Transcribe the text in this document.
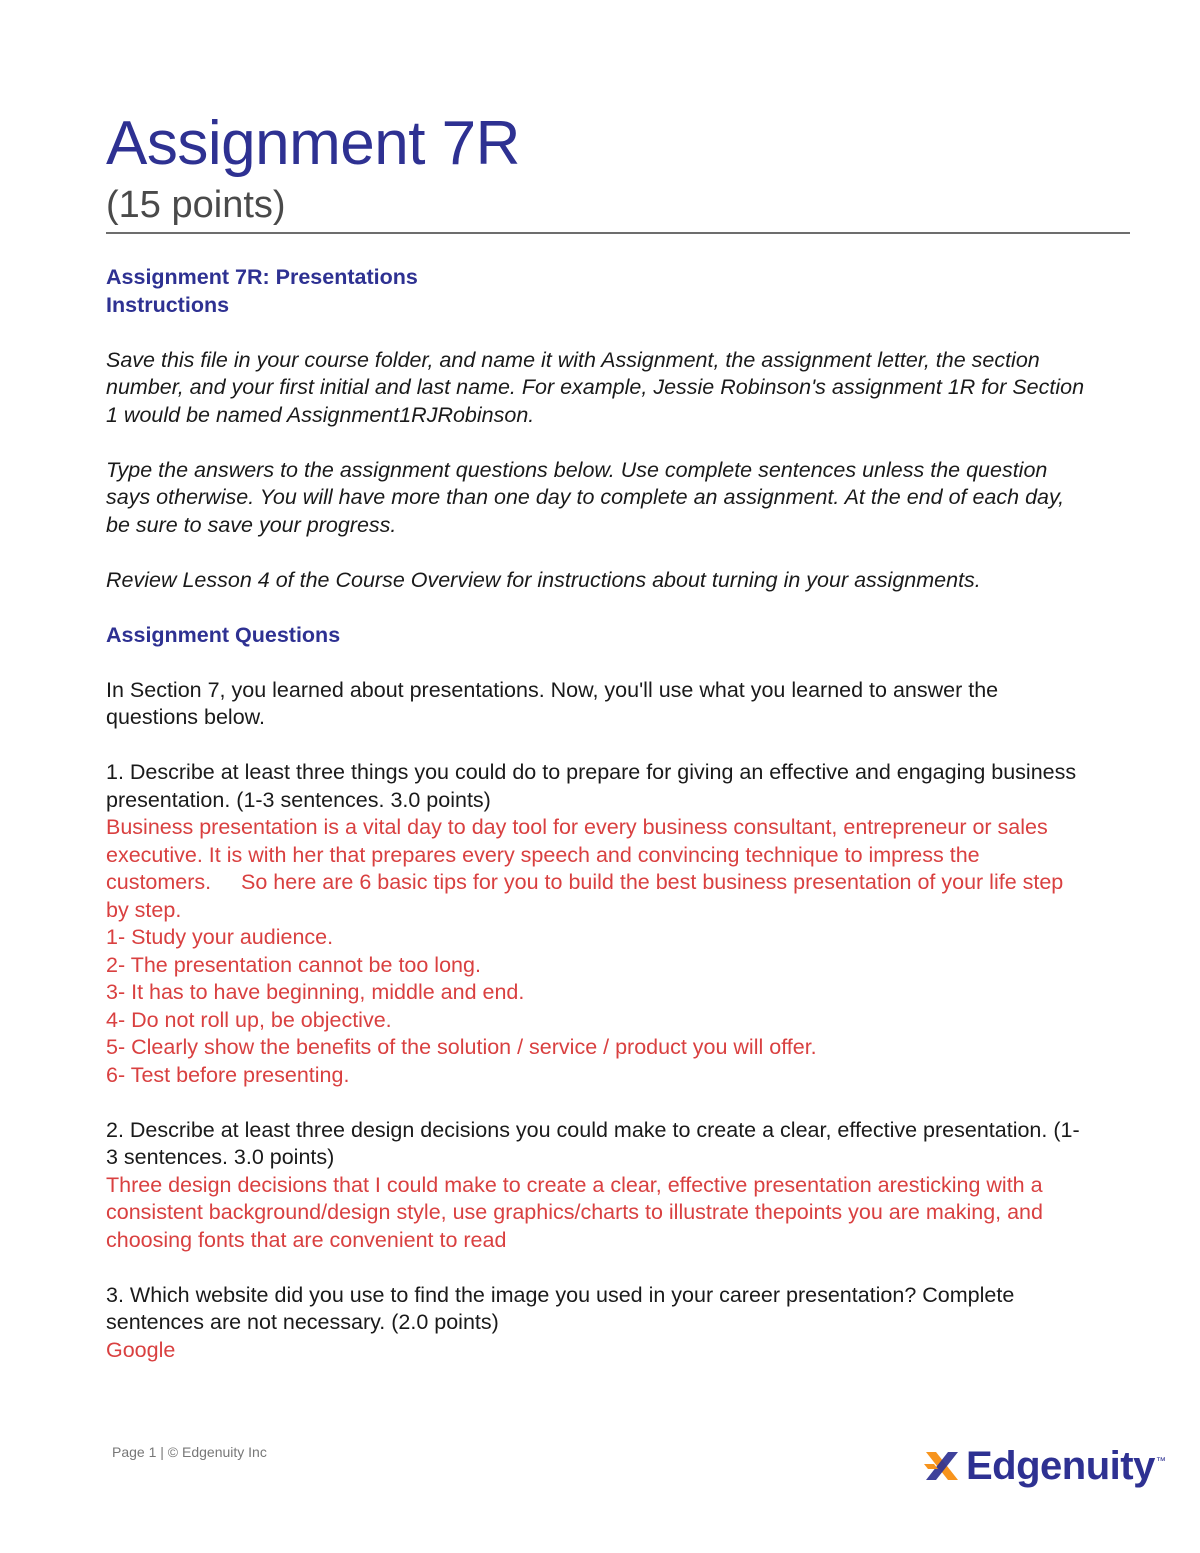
Assignment 7R
(15 points)
Assignment 7R: Presentations
Instructions

Save this file in your course folder, and name it with Assignment, the assignment letter, the section number, and your first initial and last name. For example, Jessie Robinson's assignment 1R for Section 1 would be named Assignment1RJRobinson.

Type the answers to the assignment questions below. Use complete sentences unless the question says otherwise. You will have more than one day to complete an assignment. At the end of each day, be sure to save your progress.

Review Lesson 4 of the Course Overview for instructions about turning in your assignments.

Assignment Questions
In Section 7, you learned about presentations. Now, you'll use what you learned to answer the questions below.
1. Describe at least three things you could do to prepare for giving an effective and engaging business presentation. (1-3 sentences. 3.0 points)
Business presentation is a vital day to day tool for every business consultant, entrepreneur or sales executive. It is with her that prepares every speech and convincing technique to impress the customers.     So here are 6 basic tips for you to build the best business presentation of your life step by step.
1- Study your audience.
2- The presentation cannot be too long.
3- It has to have beginning, middle and end.
4- Do not roll up, be objective.
5- Clearly show the benefits of the solution / service / product you will offer.
6- Test before presenting.
2. Describe at least three design decisions you could make to create a clear, effective presentation. (1-3 sentences. 3.0 points)
Three design decisions that I could make to create a clear, effective presentation aresticking with a consistent background/design style, use graphics/charts to illustrate thepoints you are making, and choosing fonts that are convenient to read
3. Which website did you use to find the image you used in your career presentation? Complete sentences are not necessary. (2.0 points)
Google
Page 1 | © Edgenuity Inc	Edgenuity ™
